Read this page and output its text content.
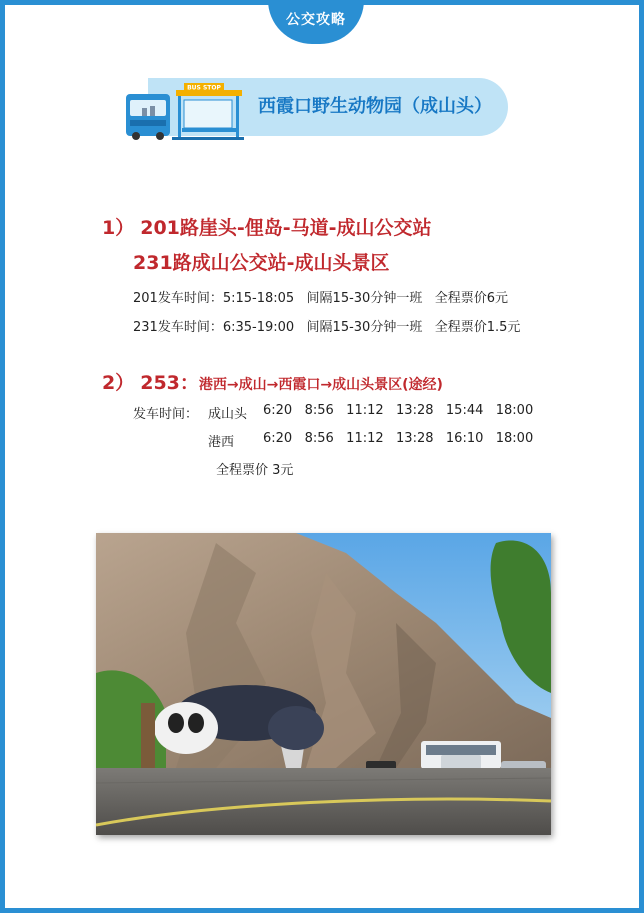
公交攻略
BUS STOP
西霞口野生动物园（成山头）
1） 201路崖头-俚岛-马道-成山公交站
231路成山公交站-成山头景区
201发车时间：5:15-18:05   间隔15-30分钟一班   全程票价6元
231发车时间：6:35-19:00   间隔15-30分钟一班   全程票价1.5元
2） 253：港西→成山→西霞口→成山头景区(途经)
发车时间： 成山头 6:20   8:56   11:12   13:28   15:44   18:00
港西 6:20   8:56   11:12   13:28   16:10   18:00
全程票价 3元
